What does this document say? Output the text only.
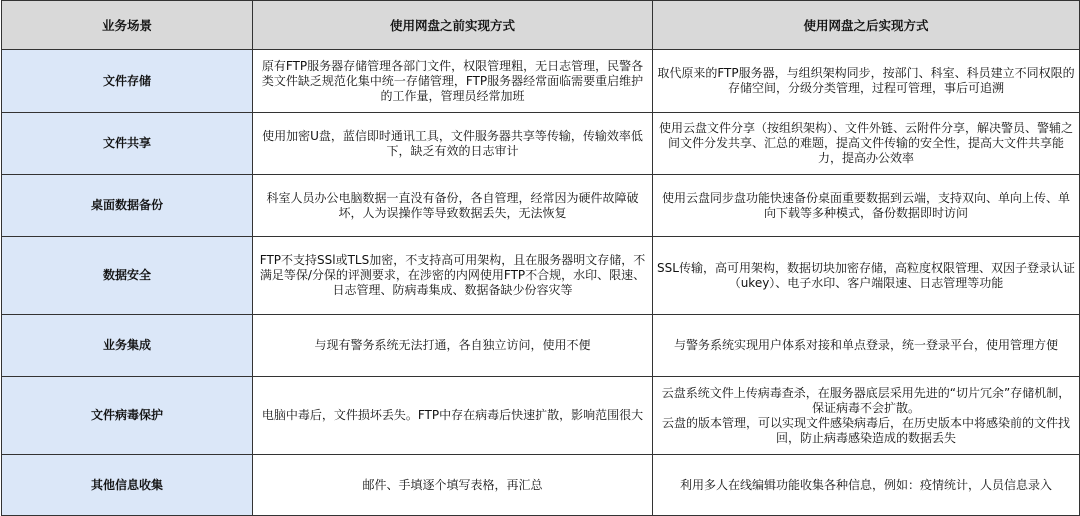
业务场景	使用网盘之前实现方式	使用网盘之后实现方式
文件存储	原有FTP服务器存储管理各部门文件，权限管理粗，无日志管理，民警各类文件缺乏规范化集中统一存储管理，FTP服务器经常面临需要重启维护的工作量，管理员经常加班	取代原来的FTP服务器，与组织架构同步，按部门、科室、科员建立不同权限的存储空间，分级分类管理，过程可管理，事后可追溯
文件共享	使用加密U盘，蓝信即时通讯工具，文件服务器共享等传输，传输效率低下，缺乏有效的日志审计	使用云盘文件分享（按组织架构）、文件外链、云附件分享，解决警员、警辅之间文件分发共享、汇总的难题，提高文件传输的安全性，提高大文件共享能力，提高办公效率
桌面数据备份	科室人员办公电脑数据一直没有备份，各自管理，经常因为硬件故障破坏，人为误操作等导致数据丢失，无法恢复	使用云盘同步盘功能快速备份桌面重要数据到云端，支持双向、单向上传、单向下载等多种模式，备份数据即时访问
数据安全	FTP不支持SSl或TLS加密，不支持高可用架构，且在服务器明文存储，不满足等保/分保的评测要求，在涉密的内网使用FTP不合规，水印、限速、日志管理、防病毒集成、数据备缺少份容灾等	SSL传输，高可用架构，数据切块加密存储，高粒度权限管理、双因子登录认证（ukey）、电子水印、客户端限速、日志管理等功能
业务集成	与现有警务系统无法打通，各自独立访问，使用不便	与警务系统实现用户体系对接和单点登录，统一登录平台，使用管理方便
文件病毒保护	电脑中毒后，文件损坏丢失。FTP中存在病毒后快速扩散，影响范围很大	云盘系统文件上传病毒查杀，在服务器底层采用先进的“切片冗余”存储机制，保证病毒不会扩散。
云盘的版本管理，可以实现文件感染病毒后，在历史版本中将感染前的文件找回，防止病毒感染造成的数据丢失

其他信息收集	邮件、手填逐个填写表格，再汇总	利用多人在线编辑功能收集各种信息，例如：疫情统计，人员信息录入
